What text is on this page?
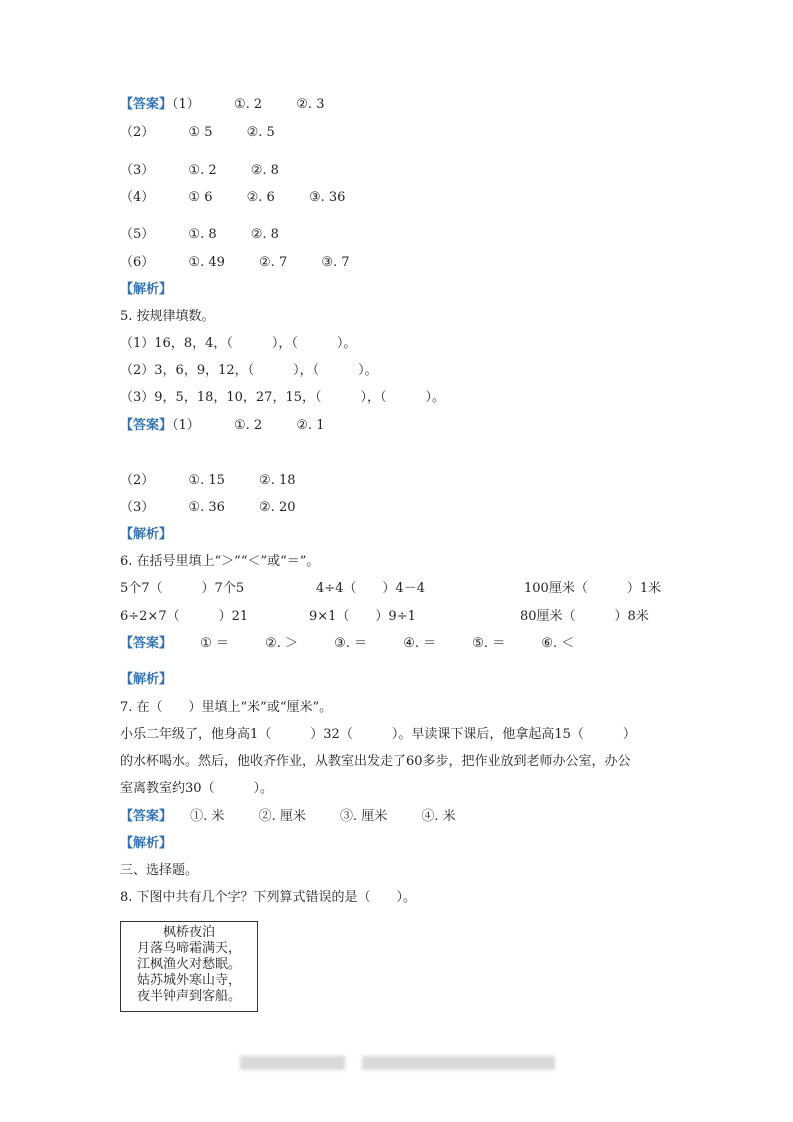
【答案】（1）	①. 2	②. 3
（2）	① 5	②. 5
（3）	①. 2	②. 8
（4）	① 6	②. 6	③. 36
（5）	①. 8	②. 8
（6）	①. 49	②. 7	③. 7
【解析】
5. 按规律填数。
（1）16，8，4，（　　　），（　　　）。
（2）3，6，9，12，（　　　），（　　　）。
（3）9，5，18，10，27，15，（　　　），（　　　）。
【答案】（1）	①. 2	②. 1
（2）	①. 15	②. 18
（3）	①. 36	②. 20
【解析】
6. 在括号里填上“＞”“＜”或“＝”。
5个7（　　　）7个5	4÷4（　　）4－4	100厘米（　　　）1米
6÷2×7（　　　）21	9×1（　　）9÷1	80厘米（　　　）8米
【答案】 ① ＝	②. ＞	③. ＝	④. ＝	⑤. ＝	⑥. ＜
【解析】
7. 在（　　）里填上“米”或“厘米”。
小乐二年级了，他身高1（　　　）32（　　　）。早读课下课后，他拿起高15（　　　）
的水杯喝水。然后，他收齐作业，从教室出发走了60多步，把作业放到老师办公室，办公
室离教室约30（　　　）。
【答案】 ①. 米	②. 厘米	③. 厘米	④. 米
【解析】
三、选择题。
8. 下图中共有几个字？下列算式错误的是（　　）。
枫桥夜泊
月落乌啼霜满天，
江枫渔火对愁眠。
姑苏城外寒山寺，
夜半钟声到客船。
